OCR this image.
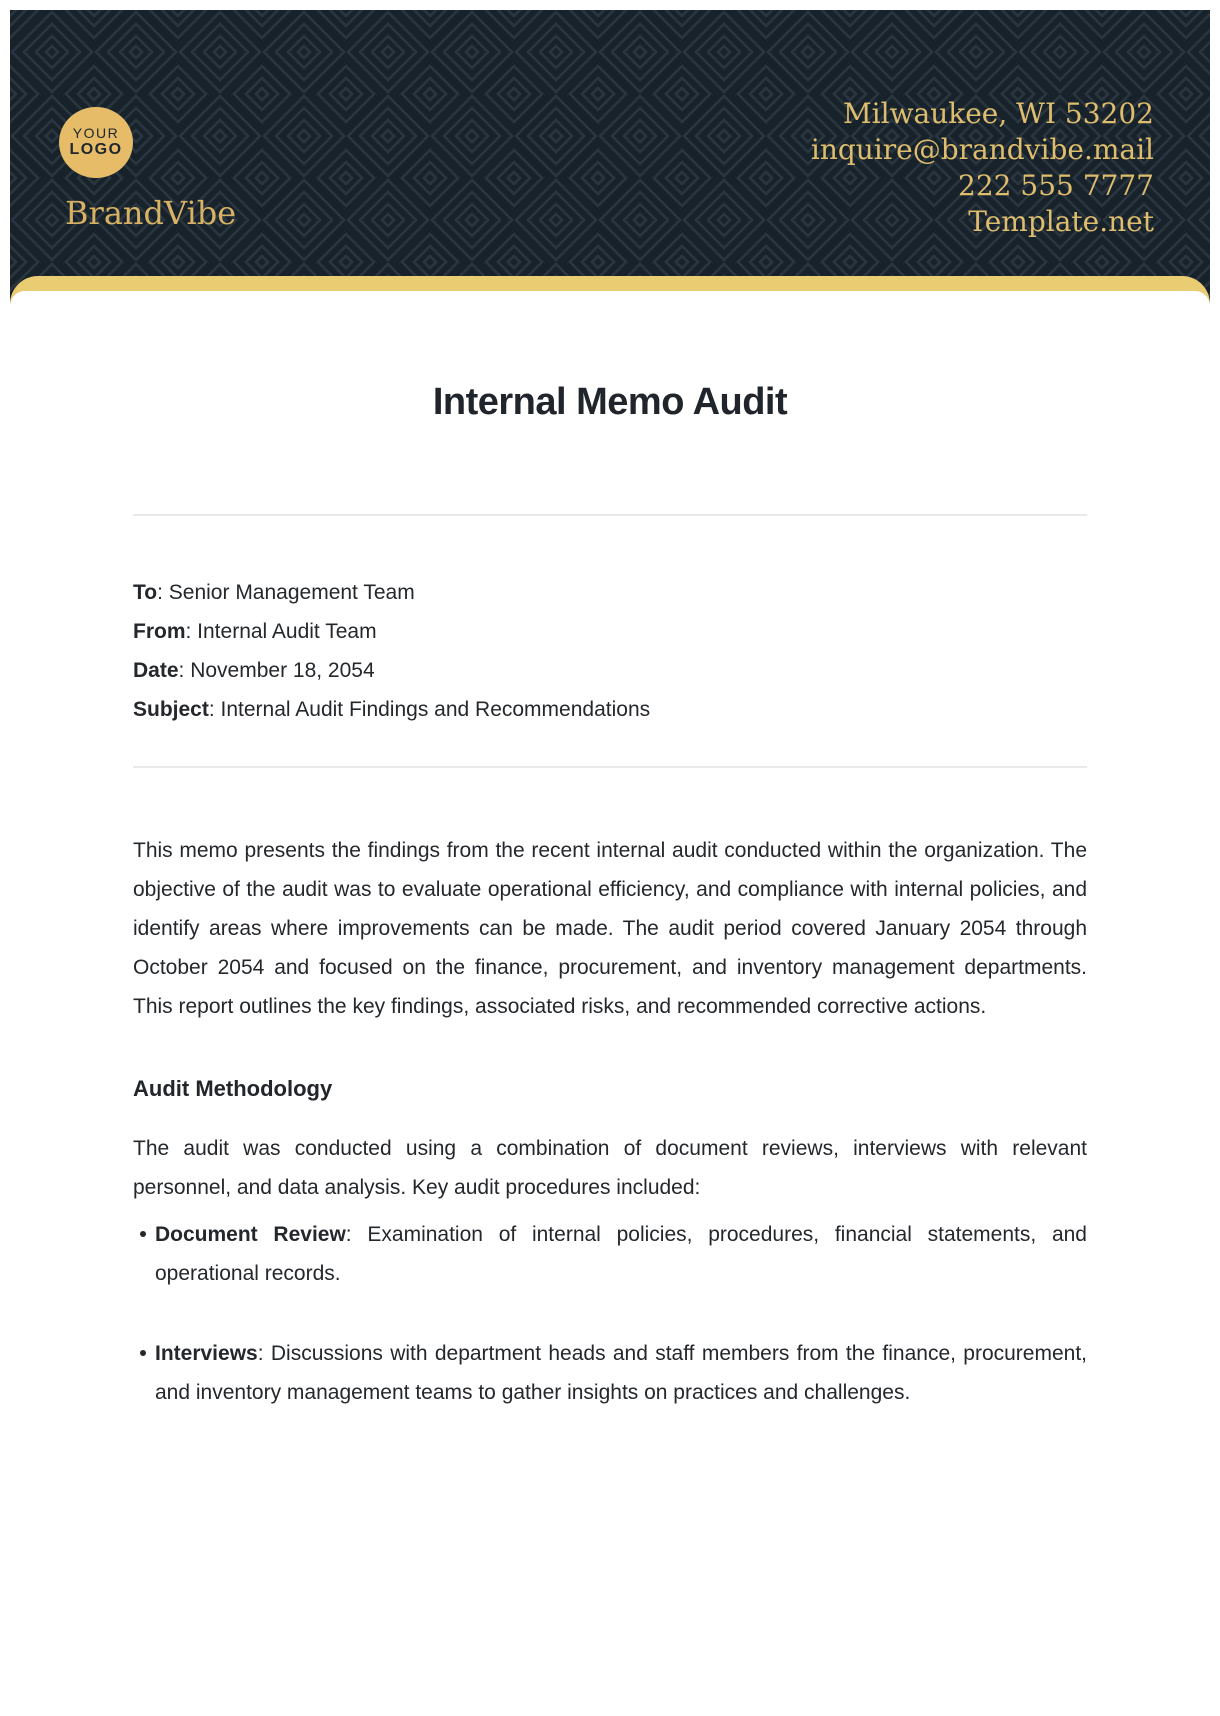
YOUR
LOGO
BrandVibe
Milwaukee, WI 53202
inquire@brandvibe.mail
222 555 7777
Template.net
Internal Memo Audit
To: Senior Management Team
From: Internal Audit Team
Date: November 18, 2054
Subject: Internal Audit Findings and Recommendations

This memo presents the findings from the recent internal audit conducted within the organization. The objective of the audit was to evaluate operational efficiency, and compliance with internal policies, and identify areas where improvements can be made. The audit period covered January 2054 through October 2054 and focused on the finance, procurement, and inventory management departments. This report outlines the key findings, associated risks, and recommended corrective actions.

Audit Methodology

The audit was conducted using a combination of document reviews, interviews with relevant personnel, and data analysis. Key audit procedures included:

Document Review: Examination of internal policies, procedures, financial statements, and operational records.
Interviews: Discussions with department heads and staff members from the finance, procurement, and inventory management teams to gather insights on practices and challenges.
